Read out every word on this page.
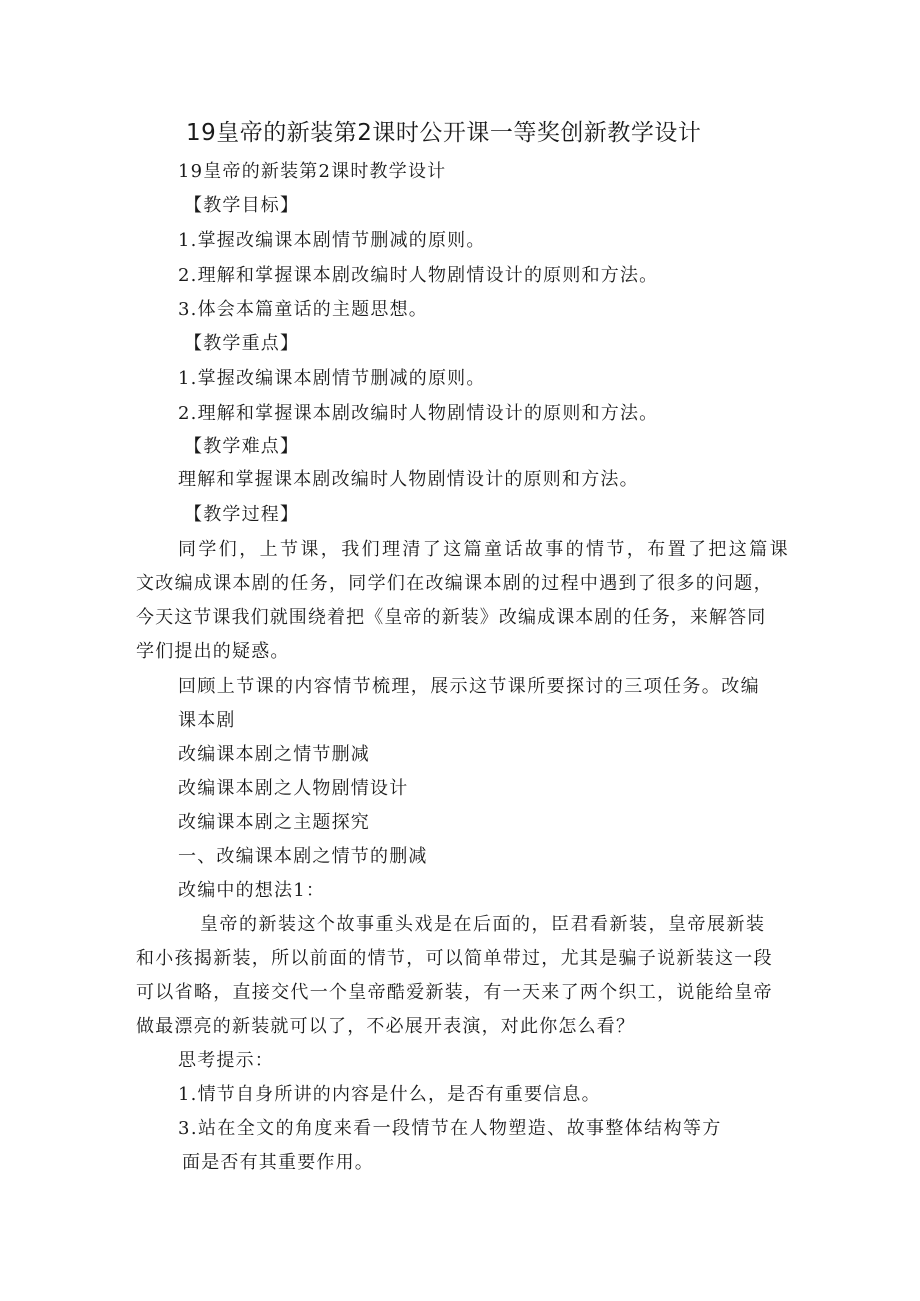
19皇帝的新装第2课时公开课一等奖创新教学设计
19皇帝的新装第2课时教学设计
【教学目标】
1.掌握改编课本剧情节删减的原则。
2.理解和掌握课本剧改编时人物剧情设计的原则和方法。
3.体会本篇童话的主题思想。
【教学重点】
1.掌握改编课本剧情节删减的原则。
2.理解和掌握课本剧改编时人物剧情设计的原则和方法。
【教学难点】
理解和掌握课本剧改编时人物剧情设计的原则和方法。
【教学过程】
同学们，上节课，我们理清了这篇童话故事的情节，布置了把这篇课
文改编成课本剧的任务，同学们在改编课本剧的过程中遇到了很多的问题，
今天这节课我们就围绕着把《皇帝的新装》改编成课本剧的任务，来解答同
学们提出的疑惑。
回顾上节课的内容情节梳理，展示这节课所要探讨的三项任务。改编
课本剧
改编课本剧之情节删减
改编课本剧之人物剧情设计
改编课本剧之主题探究
一、改编课本剧之情节的删减
改编中的想法1：
皇帝的新装这个故事重头戏是在后面的，臣君看新装，皇帝展新装
和小孩揭新装，所以前面的情节，可以简单带过，尤其是骗子说新装这一段
可以省略，直接交代一个皇帝酷爱新装，有一天来了两个织工，说能给皇帝
做最漂亮的新装就可以了，不必展开表演，对此你怎么看？
思考提示：
1.情节自身所讲的内容是什么，是否有重要信息。
3.站在全文的角度来看一段情节在人物塑造、故事整体结构等方
面是否有其重要作用。
